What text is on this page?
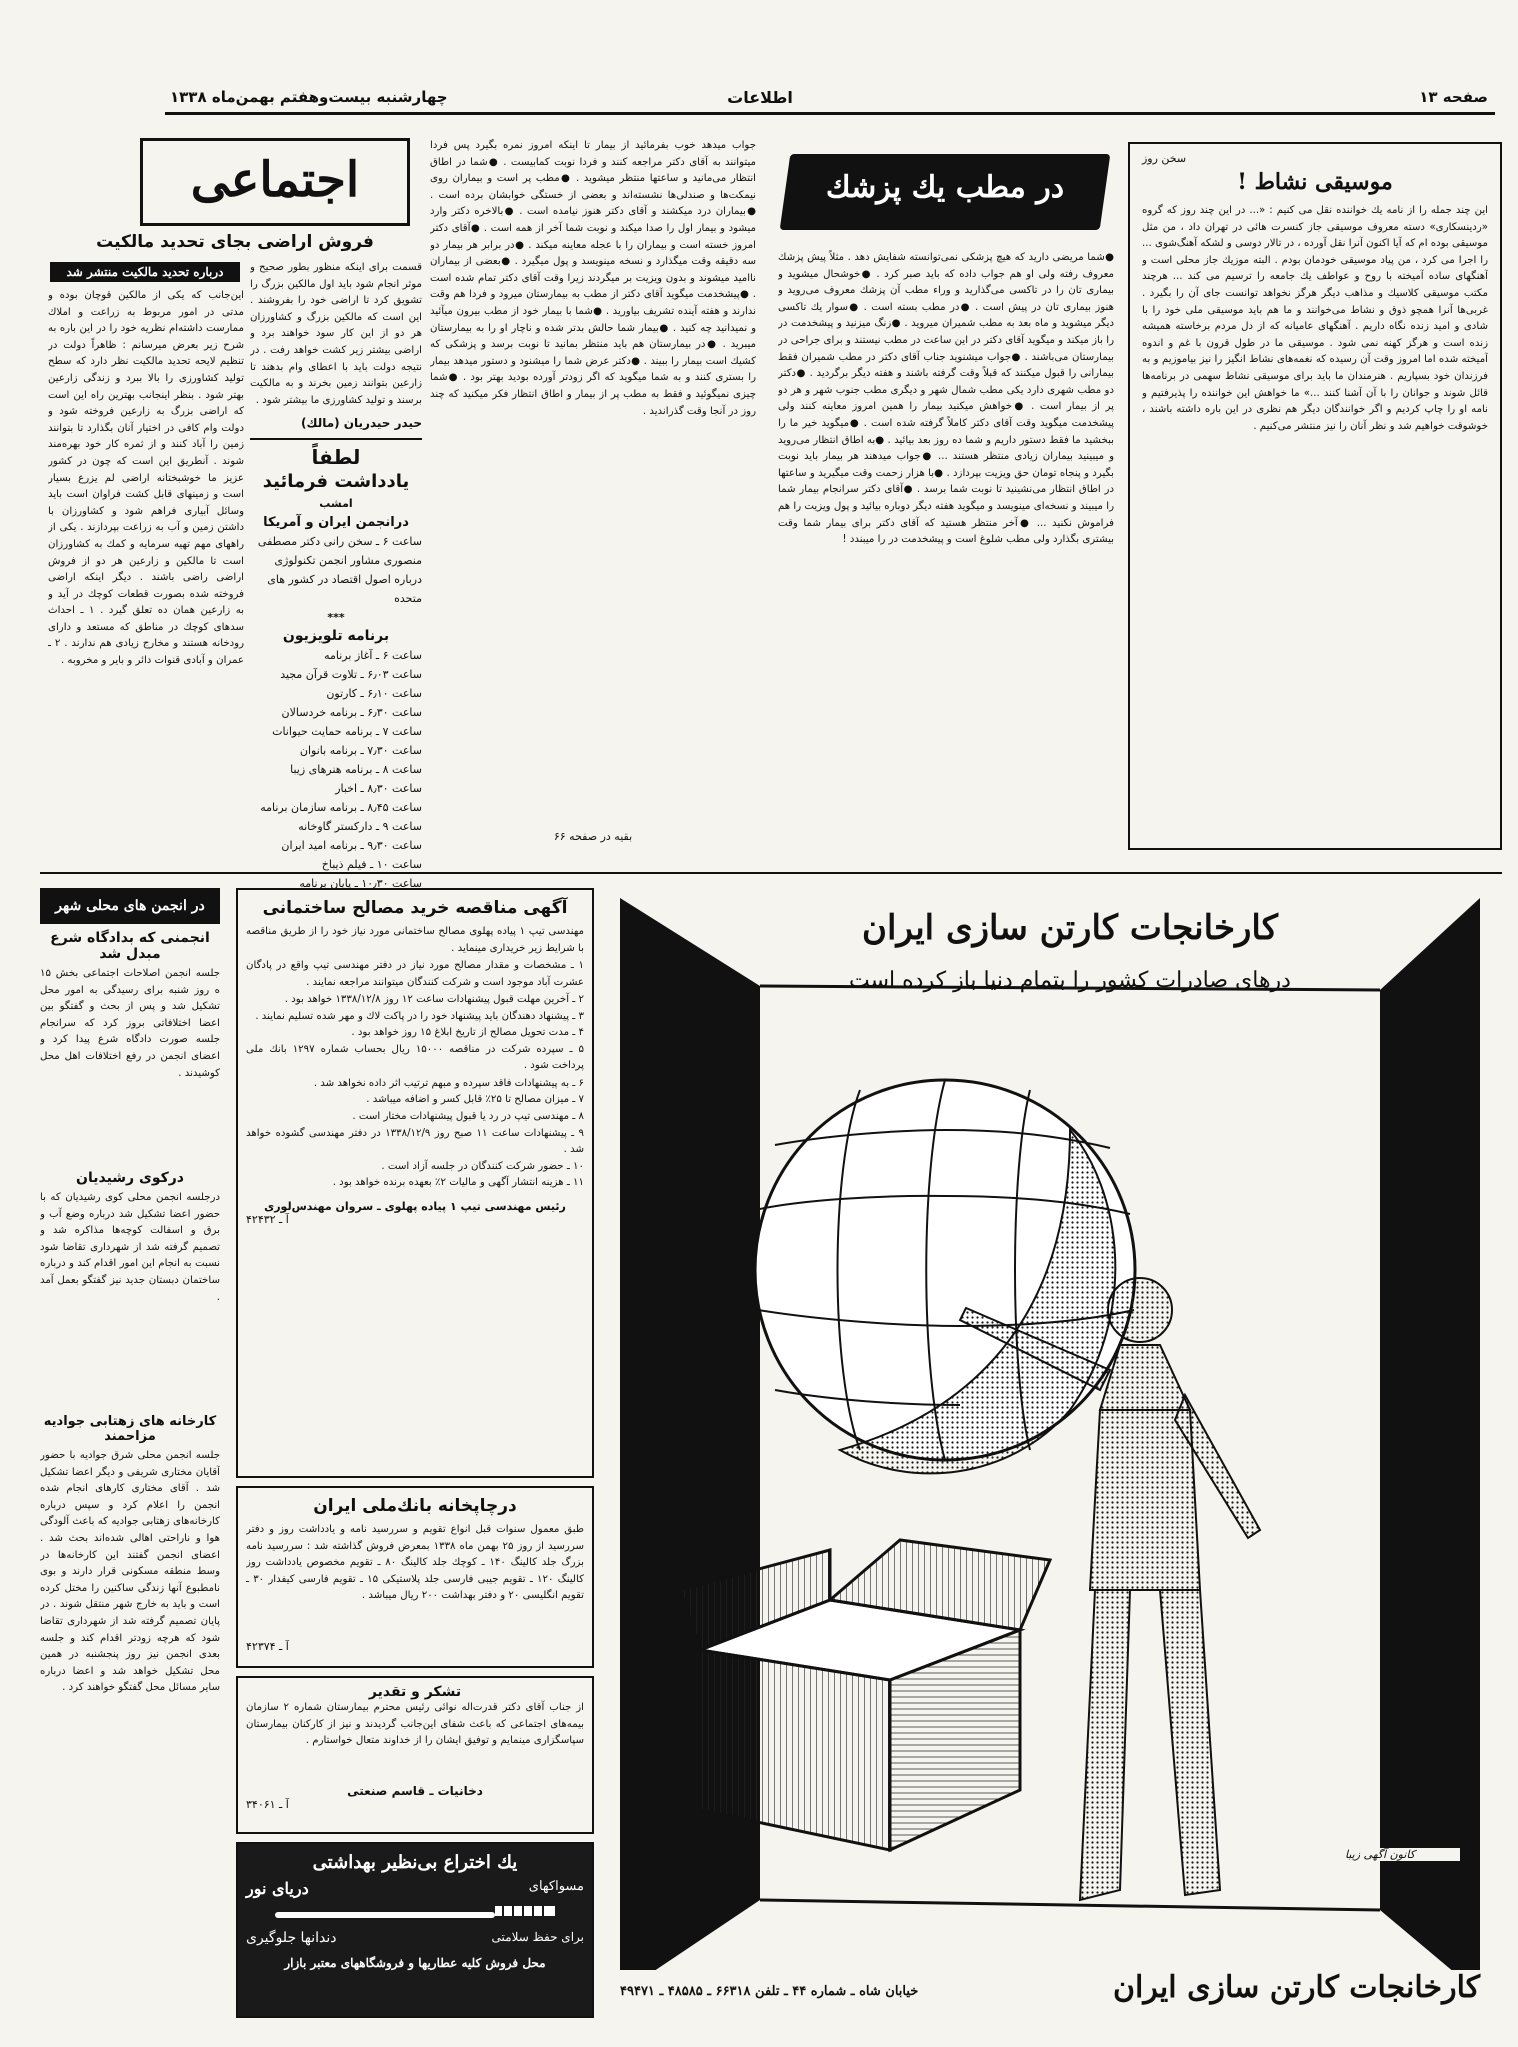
صفحه ۱۳
اطلاعات
چهارشنبه بیست‌وهفتم بهمن‌ماه ۱۳۳۸
سخن روز
موسیقی نشاط !
این چند جمله را از نامه یك خواننده نقل می کنیم : «... در این چند روز که گروه «ردینسکاری» دسته معروف موسیقی جاز کنسرت هائی در تهران داد ، من مثل موسیقی بوده ام که آیا اکنون آنرا نقل آورده ، در تالار دوسی و لشکه آهنگ‌شوی ... را اجرا می کرد ، من پیاد موسیقی خودمان بودم . البته موزیك جاز محلی است و آهنگهای ساده آمیخته با روح و عواطف یك جامعه را ترسیم می کند ... هرچند مکتب موسیقی کلاسیك و مذاهب دیگر هرگز نخواهد توانست جای آن را بگیرد . غربی‌ها آنرا همچو ذوق و نشاط می‌خوانند و ما هم باید موسیقی ملی خود را با شادی و امید زنده نگاه داریم . آهنگهای عامیانه که از دل مردم برخاسته همیشه زنده است و هرگز کهنه نمی شود . موسیقی ما در طول قرون با غم و اندوه آمیخته شده اما امروز وقت آن رسیده که نغمه‌های نشاط انگیز را نیز بیاموزیم و به فرزندان خود بسپاریم . هنرمندان ما باید برای موسیقی نشاط سهمی در برنامه‌ها قائل شوند و جوانان را با آن آشنا کنند ...» ما خواهش این خواننده را پذیرفتیم و نامه او را چاپ کردیم و اگر خوانندگان دیگر هم نظری در این باره داشته باشند ، خوشوقت خواهیم شد و نظر آنان را نیز منتشر می‌کنیم .
در مطب یك پزشك
●شما مریضی دارید که هیچ پزشکی نمی‌توانسته شفایش دهد . مثلاً پیش پزشك معروف رفته ولی او هم جواب داده که باید صبر کرد . ●خوشحال میشوید و بیماری تان را در تاکسی می‌گذارید و وراء مطب آن پزشك معروف می‌روید و هنوز بیماری تان در پیش است . ●در مطب بسته است . ●سوار یك تاکسی دیگر میشوید و ماه بعد به مطب شمیران میروید . ●زنگ میزنید و پیشخدمت در را باز میکند و میگوید آقای دکتر در این ساعت در مطب نیستند و برای جراحی در بیمارستان می‌باشند . ●جواب میشنوید جناب آقای دکتر در مطب شمیران فقط بیمارانی را قبول میکنند که قبلاً وقت گرفته باشند و هفته دیگر برگردید . ●دکتر دو مطب شهری دارد یکی مطب شمال شهر و دیگری مطب جنوب شهر و هر دو پر از بیمار است . ●خواهش میکنید بیمار را همین امروز معاینه کنند ولی پیشخدمت میگوید وقت آقای دکتر کاملاً گرفته شده است . ●میگوید خیر ما را ببخشید ما فقط دستور داریم و شما ده روز بعد بیائید . ●به اطاق انتظار می‌روید و میبینید بیماران زیادی منتظر هستند ... ●جواب میدهند هر بیمار باید نوبت بگیرد و پنجاه تومان حق ویزیت بپردازد . ●با هزار زحمت وقت میگیرید و ساعتها در اطاق انتظار می‌نشینید تا نوبت شما برسد . ●آقای دکتر سرانجام بیمار شما را میبیند و نسخه‌ای مینویسد و میگوید هفته دیگر دوباره بیائید و پول ویزیت را هم فراموش نکنید ... ●آخر منتظر هستید که آقای دکتر برای بیمار شما وقت بیشتری بگذارد ولی مطب شلوغ است و پیشخدمت در را میبندد !
جواب میدهد خوب بفرمائید از بیمار تا اینکه امروز نمره بگیرد پس فردا میتوانند به آقای دکتر مراجعه کنند و فردا نوبت کمابیست . ●شما در اطاق انتظار می‌مانید و ساعتها منتظر میشوید . ●مطب پر است و بیماران روی نیمکت‌ها و صندلی‌ها نشسته‌اند و بعضی از خستگی خوابشان برده است . ●بیماران درد میکشند و آقای دکتر هنوز نیامده است . ●بالاخره دکتر وارد میشود و بیمار اول را صدا میکند و نوبت شما آخر از همه است . ●آقای دکتر امروز خسته است و بیماران را با عجله معاینه میکند . ●در برابر هر بیمار دو سه دقیقه وقت میگذارد و نسخه مینویسد و پول میگیرد . ●بعضی از بیماران ناامید میشوند و بدون ویزیت بر میگردند زیرا وقت آقای دکتر تمام شده است . ●پیشخدمت میگوید آقای دکتر از مطب به بیمارستان میرود و فردا هم وقت ندارند و هفته آینده تشریف بیاورید . ●شما با بیمار خود از مطب بیرون میآئید و نمیدانید چه کنید . ●بیمار شما حالش بدتر شده و ناچار او را به بیمارستان میبرید . ●در بیمارستان هم باید منتظر بمانید تا نوبت برسد و پزشکی که کشیك است بیمار را ببیند . ●دکتر عرض شما را میشنود و دستور میدهد بیمار را بستری کنند و به شما میگوید که اگر زودتر آورده بودید بهتر بود . ●شما چیزی نمیگوئید و فقط به مطب پر از بیمار و اطاق انتظار فکر میکنید که چند روز در آنجا وقت گذراندید .
بقیه در صفحه ۶۶
اجتماعی
فروش اراضی بجای تحدید مالکیت
قسمت برای اینکه منظور بطور صحیح و موثر انجام شود باید اول مالکین بزرگ را تشویق کرد تا اراضی خود را بفروشند . این است که مالکین بزرگ و کشاورزان هر دو از این کار سود خواهند برد و اراضی بیشتر زیر کشت خواهد رفت . در نتیجه دولت باید با اعطای وام بدهند تا زارعین بتوانند زمین بخرند و به مالکیت برسند و تولید کشاورزی ما بیشتر شود .
درباره تحدید مالکیت منتشر شد
این‌جانب که یکی از مالکین قوچان بوده و مدتی در امور مربوط به زراعت و املاك ممارست داشته‌ام نظریه خود را در این باره به شرح زیر بعرض میرسانم : ظاهراً دولت در تنظیم لایحه تحدید مالکیت نظر دارد که سطح تولید کشاورزی را بالا ببرد و زندگی زارعین بهتر شود . بنظر اینجانب بهترین راه این است که اراضی بزرگ به زارعین فروخته شود و دولت وام کافی در اختیار آنان بگذارد تا بتوانند زمین را آباد کنند و از ثمره کار خود بهره‌مند شوند . آنطریق این است که چون در کشور عزیز ما خوشبختانه اراضی لم یزرع بسیار است و زمینهای قابل کشت فراوان است باید وسائل آبیاری فراهم شود و کشاورزان با داشتن زمین و آب به زراعت بپردازند . یکی از راههای مهم تهیه سرمایه و کمك به کشاورزان است تا مالکین و زارعین هر دو از فروش اراضی راضی باشند . دیگر اینکه اراضی فروخته شده بصورت قطعات کوچك در آید و به زارعین همان ده تعلق گیرد . ۱ ـ احداث سدهای کوچك در مناطق که مستعد و دارای رودخانه هستند و مخارج زیادی هم ندارند . ۲ ـ عمران و آبادی قنوات دائر و بایر و مخروبه .
حیدر حیدریان (مالك)
لطفاً
یادداشت فرمائید
امشب
درانجمن ایران و آمریکا
ساعت ۶ ـ سخن رانی دکتر مصطفی منصوری مشاور انجمن تکنولوژی
درباره اصول اقتصاد در کشور های متحده
***
برنامه تلویزیون
ساعت ۶ ـ آغاز برنامه
ساعت ۶٫۰۳ ـ تلاوت قرآن مجید
ساعت ۶٫۱۰ ـ کارتون
ساعت ۶٫۳۰ ـ برنامه خردسالان
ساعت ۷ ـ برنامه حمایت حیوانات
ساعت ۷٫۳۰ ـ برنامه بانوان
ساعت ۸ ـ برنامه هنرهای زیبا
ساعت ۸٫۳۰ ـ اخبار
ساعت ۸٫۴۵ ـ برنامه سازمان برنامه
ساعت ۹ ـ دارکستر گاوخانه
ساعت ۹٫۳۰ ـ برنامه امید ایران
ساعت ۱۰ ـ فیلم ذیباخ
ساعت ۱۰٫۳۰ ـ پایان برنامه
در انجمن های محلی شهر
انجمنی که بدادگاه شرع مبدل شد
جلسه انجمن اصلاحات اجتماعی بخش ۱۵ ه روز شنبه برای رسیدگی به امور محل تشکیل شد و پس از بحث و گفتگو بین اعضا اختلافاتی بروز کرد که سرانجام جلسه صورت دادگاه شرع پیدا کرد و اعضای انجمن در رفع اختلافات اهل محل کوشیدند .
درکوی رشیدیان
درجلسه انجمن محلی کوی رشیدیان که با حضور اعضا تشکیل شد درباره وضع آب و برق و اسفالت کوچه‌ها مذاکره شد و تصمیم گرفته شد از شهرداری تقاضا شود نسبت به انجام این امور اقدام کند و درباره ساختمان دبستان جدید نیز گفتگو بعمل آمد .
کارخانه های زهتابی جوادیه مزاحمند
جلسه انجمن محلی شرق جوادیه با حضور آقایان مختاری شریفی و دیگر اعضا تشکیل شد . آقای مختاری کارهای انجام شده انجمن را اعلام کرد و سپس درباره کارخانه‌های زهتابی جوادیه که باعث آلودگی هوا و ناراحتی اهالی شده‌اند بحث شد . اعضای انجمن گفتند این کارخانه‌ها در وسط منطقه مسکونی قرار دارند و بوی نامطبوع آنها زندگی ساکنین را مختل کرده است و باید به خارج شهر منتقل شوند . در پایان تصمیم گرفته شد از شهرداری تقاضا شود که هرچه زودتر اقدام کند و جلسه بعدی انجمن نیز روز پنجشنبه در همین محل تشکیل خواهد شد و اعضا درباره سایر مسائل محل گفتگو خواهند کرد .
آگهی مناقصه خرید مصالح ساختمانی
مهندسی تیپ ۱ پیاده پهلوی مصالح ساختمانی مورد نیاز خود را از طریق مناقصه با شرایط زیر خریداری مینماید .
۱ ـ مشخصات و مقدار مصالح مورد نیاز در دفتر مهندسی تیپ واقع در پادگان عشرت آباد موجود است و شرکت کنندگان میتوانند مراجعه نمایند .
۲ ـ آخرین مهلت قبول پیشنهادات ساعت ۱۲ روز ۱۳۳۸/۱۲/۸ خواهد بود .
۳ ـ پیشنهاد دهندگان باید پیشنهاد خود را در پاکت لاك و مهر شده تسلیم نمایند .
۴ ـ مدت تحویل مصالح از تاریخ ابلاغ ۱۵ روز خواهد بود .
۵ ـ سپرده شرکت در مناقصه ۱۵۰۰۰ ریال بحساب شماره ۱۲۹۷ بانك ملی پرداخت شود .
۶ ـ به پیشنهادات فاقد سپرده و مبهم ترتیب اثر داده نخواهد شد .
۷ ـ میزان مصالح تا ۲۵٪ قابل کسر و اضافه میباشد .
۸ ـ مهندسی تیپ در رد یا قبول پیشنهادات مختار است .
۹ ـ پیشنهادات ساعت ۱۱ صبح روز ۱۳۳۸/۱۲/۹ در دفتر مهندسی گشوده خواهد شد .
۱۰ ـ حضور شرکت کنندگان در جلسه آزاد است .
۱۱ ـ هزینه انتشار آگهی و مالیات ۲٪ بعهده برنده خواهد بود .
رئیس مهندسی تیپ ۱ پیاده پهلوی ـ سروان مهندس‌لوری
آ ـ ۴۲۴۳۲
درچاپخانه بانك‌ملی ایران
طبق معمول سنوات قبل انواع تقویم و سررسید نامه و یادداشت روز و دفتر سررسید از روز ۲۵ بهمن ماه ۱۳۳۸ بمعرض فروش گذاشته شد : سررسید نامه بزرگ جلد کالینگ ۱۴۰ ـ کوچك جلد کالینگ ۸۰ ـ تقویم مخصوص یادداشت روز کالینگ ۱۲۰ ـ تقویم جیبی فارسی جلد پلاستیکی ۱۵ ـ تقویم فارسی کیفدار ۳۰ ـ تقویم انگلیسی ۲۰ و دفتر بهداشت ۲۰۰ ریال میباشد .
آ ـ ۴۲۳۷۴
تشکر و تقدیر
از جناب آقای دکتر قدرت‌اله نوائی رئیس محترم بیمارستان شماره ۲ سازمان بیمه‌های اجتماعی که باعث شفای این‌جانب گردیدند و نیز از کارکنان بیمارستان سپاسگزاری مینمایم و توفیق ایشان را از خداوند متعال خواستارم .
دخانیات ـ قاسم صنعتی
آ ـ ۳۴۰۶۱
یك اختراع بی‌نظیر بهداشتی
مسواکهای
دریای نور
برای حفظ سلامتی
دندانها جلوگیری
محل فروش کلیه عطاریها و فروشگاههای معتبر بازار
کارخانجات کارتن سازی ایران
درهای صادرات کشور را بتمام دنیا باز کرده است
کانون آگهی زیبا
کارخانجات کارتن سازی ایران
خیابان شاه ـ شماره ۴۴ ـ تلفن ۶۶۳۱۸ ـ ۴۸۵۸۵ ـ ۴۹۴۷۱
